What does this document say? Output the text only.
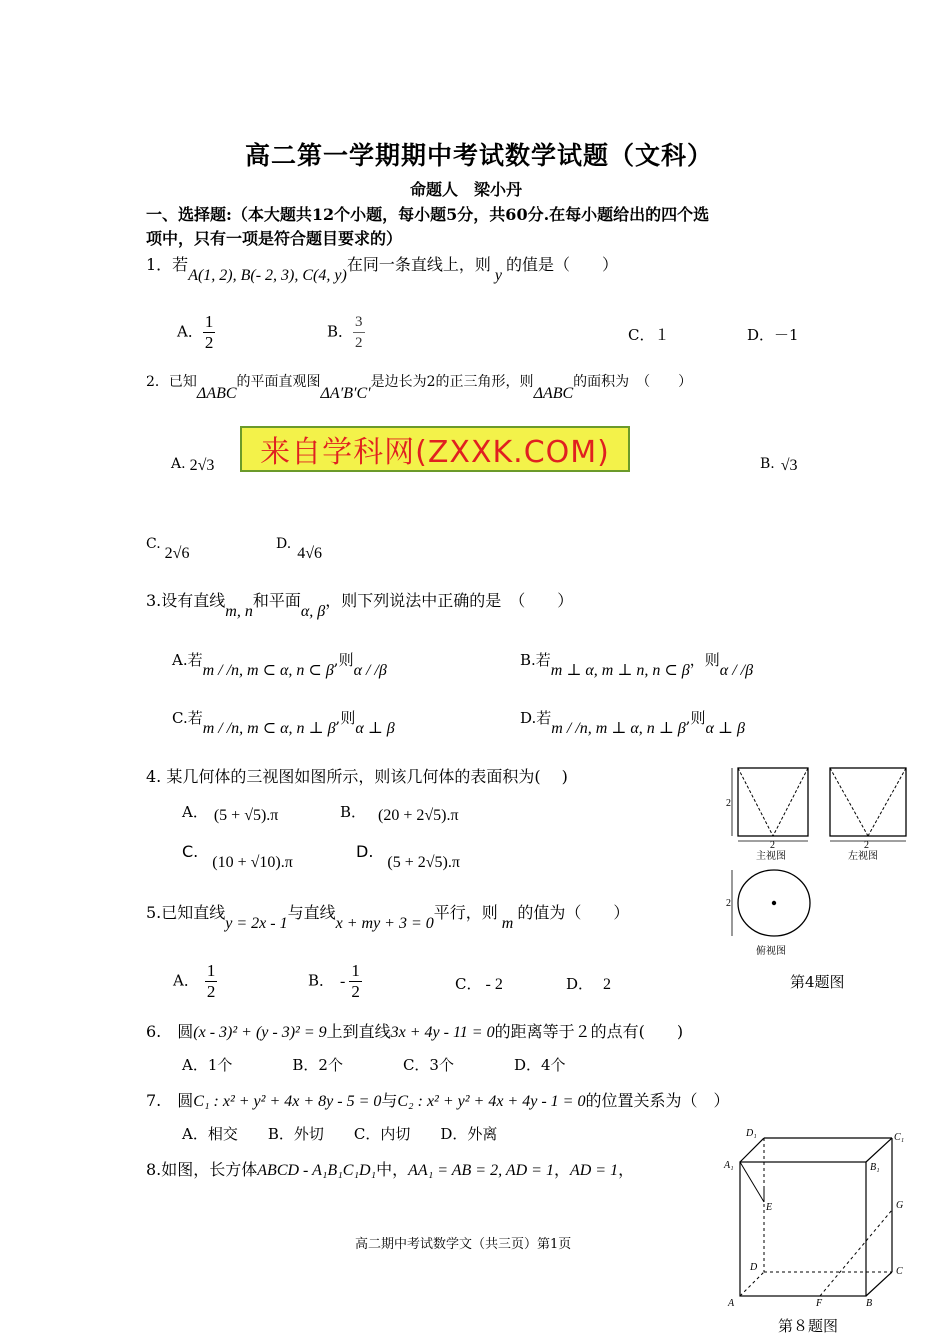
高二第一学期期中考试数学试题（文科）
命题人　梁小丹
一、选择题:（本大题共12个小题，每小题5分，共60分.在每小题给出的四个选
项中，只有一项是符合题目要求的）
1．若A(1, 2), B(- 2, 3), C(4, y)在同一条直线上，则y的值是（　　）
A． $\frac{1}{2}$	B． $\frac{3}{2}$	C．１	D．－1
2．已知ΔABC的平面直观图ΔA′B′C′是边长为2的正三角形，则ΔABC的面积为　（　　）
A. 2√3	来自学科网(ZXXK.COM)	B. √3
C.2√6
D.4√6
3.设有直线m, n和平面α, β，则下列说法中正确的是　（　　）
A.若m / /n, m ⊂ α, n ⊂ β,则α / /β
B.若m ⊥ α, m ⊥ n, n ⊂ β，则α / /β
C.若m / /n, m ⊂ α, n ⊥ β,则α ⊥ β
D.若m / /n, m ⊥ α, n ⊥ β,则α ⊥ β
4. 某几何体的三视图如图所示，则该几何体的表面积为(　 )
A． (5 + √5).π	B． (20 + 2√5).π
C.(10 + √10).π
D.(5 + 2√5).π
2
2
主视图
2
左视图
2
俯视图
5.已知直线y = 2x - 1与直线x + my + 3 = 0平行，则m的值为（　　）
A． $\frac{1}{2}$	B． - $\frac{1}{2}$	C． - 2	D． 2	第4题图
6.　圆(x - 3)² + (y - 3)² = 9上到直线3x + 4y - 11 = 0的距离等于２的点有(　　)
A．1个　　　　B．2个　　　　C．3个　　　　D．4个
7.　圆C₁ : x² + y² + 4x + 8y - 5 = 0与C₂ : x² + y² + 4x + 4y - 1 = 0的位置关系为（　）
A．相交　　B．外切　　C．内切　　D．外离
8.如图，长方体ABCD - A₁B₁C₁D₁中，AA₁ = AB = 2, AD = 1，AD = 1，
D₁	C₁
A₁	B₁
E	G
D	C
A	F	B
高二期中考试数学文（共三页）第1页
第８题图
